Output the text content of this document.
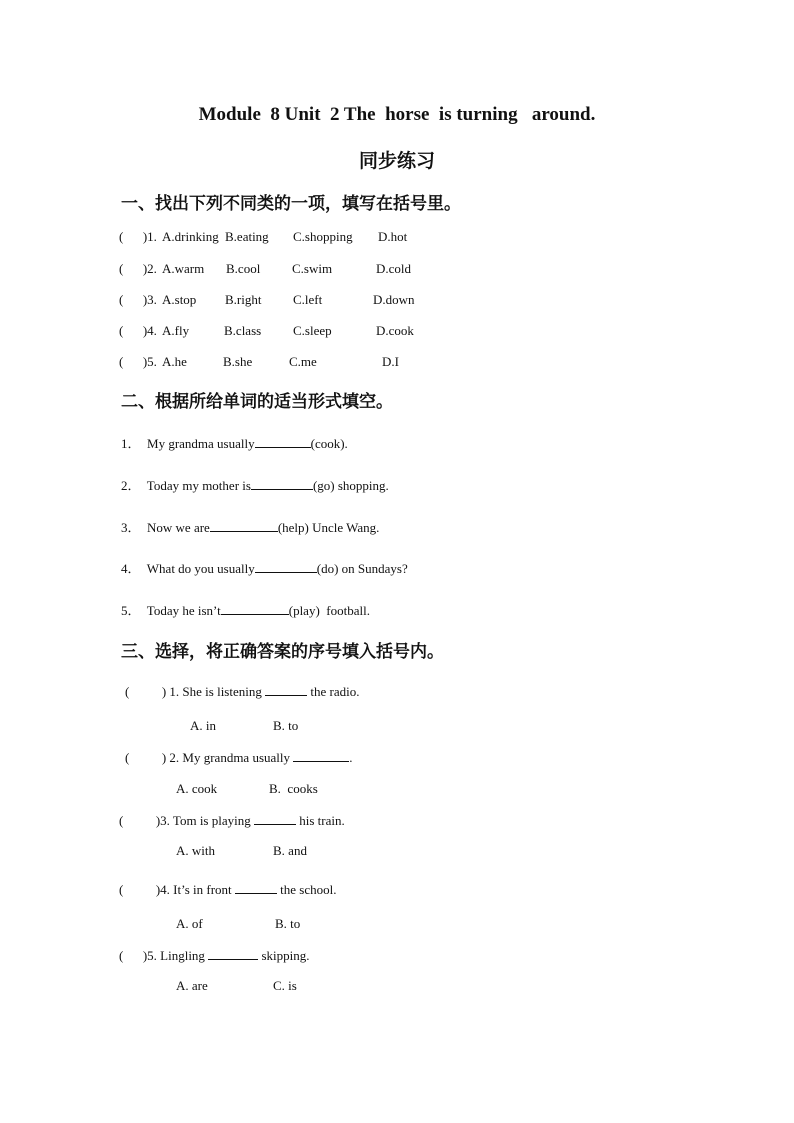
Module  8 Unit  2 The  horse  is turning   around.
同步练习
一、找出下列不同类的一项，填写在括号里。
(      )1. A.drinking B.eating C.shopping D.hot
(      )2. A.warm B.cool C.swim	D.cold
(      )3. A.stop B.right C.left	D.down
(      )4. A.fly	B.class C.sleep	D.cook
(      )5. A.he	B.she	C.me	D.I
二、根据所给单词的适当形式填空。
1． My grandma usually	(cook).
2． Today my mother is	(go) shopping.
3． Now we are	(help) Uncle Wang.
4． What do you usually	(do) on Sundays?
5． Today he isn’t	(play)  football.
三、选择，将正确答案的序号填入括号内。
(          ) 1. She is listening	the radio.
A. in	B. to
(          ) 2. My grandma usually	.
A. cook	B.  cooks
(          )3. Tom is playing	his train.
A. with	B. and
(          )4. It’s in front	the school.
A. of	B. to
(      )5. Lingling	skipping.
A. are	C. is
